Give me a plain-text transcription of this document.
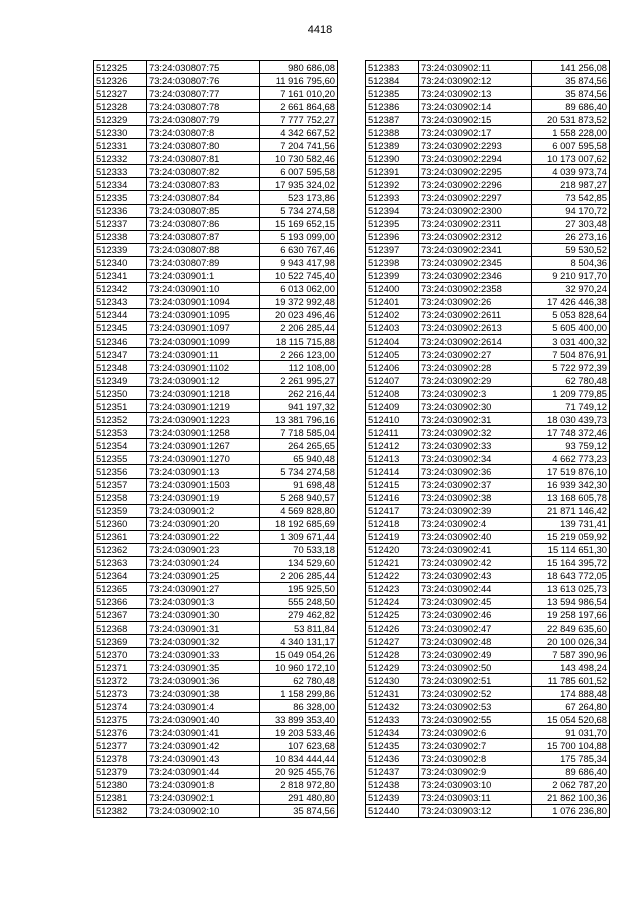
4418
512325	73:24:030807:75	980 686,08
512326	73:24:030807:76	11 916 795,60
512327	73:24:030807:77	7 161 010,20
512328	73:24:030807:78	2 661 864,68
512329	73:24:030807:79	7 777 752,27
512330	73:24:030807:8	4 342 667,52
512331	73:24:030807:80	7 204 741,56
512332	73:24:030807:81	10 730 582,46
512333	73:24:030807:82	6 007 595,58
512334	73:24:030807:83	17 935 324,02
512335	73:24:030807:84	523 173,86
512336	73:24:030807:85	5 734 274,58
512337	73:24:030807:86	15 169 652,15
512338	73:24:030807:87	5 193 099,00
512339	73:24:030807:88	6 630 767,46
512340	73:24:030807:89	9 943 417,98
512341	73:24:030901:1	10 522 745,40
512342	73:24:030901:10	6 013 062,00
512343	73:24:030901:1094	19 372 992,48
512344	73:24:030901:1095	20 023 496,46
512345	73:24:030901:1097	2 206 285,44
512346	73:24:030901:1099	18 115 715,88
512347	73:24:030901:11	2 266 123,00
512348	73:24:030901:1102	112 108,00
512349	73:24:030901:12	2 261 995,27
512350	73:24:030901:1218	262 216,44
512351	73:24:030901:1219	941 197,32
512352	73:24:030901:1223	13 381 796,16
512353	73:24:030901:1258	7 718 585,04
512354	73:24:030901:1267	264 265,65
512355	73:24:030901:1270	65 940,48
512356	73:24:030901:13	5 734 274,58
512357	73:24:030901:1503	91 698,48
512358	73:24:030901:19	5 268 940,57
512359	73:24:030901:2	4 569 828,80
512360	73:24:030901:20	18 192 685,69
512361	73:24:030901:22	1 309 671,44
512362	73:24:030901:23	70 533,18
512363	73:24:030901:24	134 529,60
512364	73:24:030901:25	2 206 285,44
512365	73:24:030901:27	195 925,50
512366	73:24:030901:3	555 248,50
512367	73:24:030901:30	279 462,82
512368	73:24:030901:31	53 811,84
512369	73:24:030901:32	4 340 131,17
512370	73:24:030901:33	15 049 054,26
512371	73:24:030901:35	10 960 172,10
512372	73:24:030901:36	62 780,48
512373	73:24:030901:38	1 158 299,86
512374	73:24:030901:4	86 328,00
512375	73:24:030901:40	33 899 353,40
512376	73:24:030901:41	19 203 533,46
512377	73:24:030901:42	107 623,68
512378	73:24:030901:43	10 834 444,44
512379	73:24:030901:44	20 925 455,76
512380	73:24:030901:8	2 818 972,80
512381	73:24:030902:1	291 480,80
512382	73:24:030902:10	35 874,56
512383	73:24:030902:11	141 256,08
512384	73:24:030902:12	35 874,56
512385	73:24:030902:13	35 874,56
512386	73:24:030902:14	89 686,40
512387	73:24:030902:15	20 531 873,52
512388	73:24:030902:17	1 558 228,00
512389	73:24:030902:2293	6 007 595,58
512390	73:24:030902:2294	10 173 007,62
512391	73:24:030902:2295	4 039 973,74
512392	73:24:030902:2296	218 987,27
512393	73:24:030902:2297	73 542,85
512394	73:24:030902:2300	94 170,72
512395	73:24:030902:2311	27 303,48
512396	73:24:030902:2312	26 273,16
512397	73:24:030902:2341	59 530,52
512398	73:24:030902:2345	8 504,36
512399	73:24:030902:2346	9 210 917,70
512400	73:24:030902:2358	32 970,24
512401	73:24:030902:26	17 426 446,38
512402	73:24:030902:2611	5 053 828,64
512403	73:24:030902:2613	5 605 400,00
512404	73:24:030902:2614	3 031 400,32
512405	73:24:030902:27	7 504 876,91
512406	73:24:030902:28	5 722 972,39
512407	73:24:030902:29	62 780,48
512408	73:24:030902:3	1 209 779,85
512409	73:24:030902:30	71 749,12
512410	73:24:030902:31	18 030 439,73
512411	73:24:030902:32	17 748 372,46
512412	73:24:030902:33	93 759,12
512413	73:24:030902:34	4 662 773,23
512414	73:24:030902:36	17 519 876,10
512415	73:24:030902:37	16 939 342,30
512416	73:24:030902:38	13 168 605,78
512417	73:24:030902:39	21 871 146,42
512418	73:24:030902:4	139 731,41
512419	73:24:030902:40	15 219 059,92
512420	73:24:030902:41	15 114 651,30
512421	73:24:030902:42	15 164 395,72
512422	73:24:030902:43	18 643 772,05
512423	73:24:030902:44	13 613 025,73
512424	73:24:030902:45	13 594 986,54
512425	73:24:030902:46	19 258 197,66
512426	73:24:030902:47	22 849 635,60
512427	73:24:030902:48	20 100 026,34
512428	73:24:030902:49	7 587 390,96
512429	73:24:030902:50	143 498,24
512430	73:24:030902:51	11 785 601,52
512431	73:24:030902:52	174 888,48
512432	73:24:030902:53	67 264,80
512433	73:24:030902:55	15 054 520,68
512434	73:24:030902:6	91 031,70
512435	73:24:030902:7	15 700 104,88
512436	73:24:030902:8	175 785,34
512437	73:24:030902:9	89 686,40
512438	73:24:030903:10	2 062 787,20
512439	73:24:030903:11	21 862 100,36
512440	73:24:030903:12	1 076 236,80
